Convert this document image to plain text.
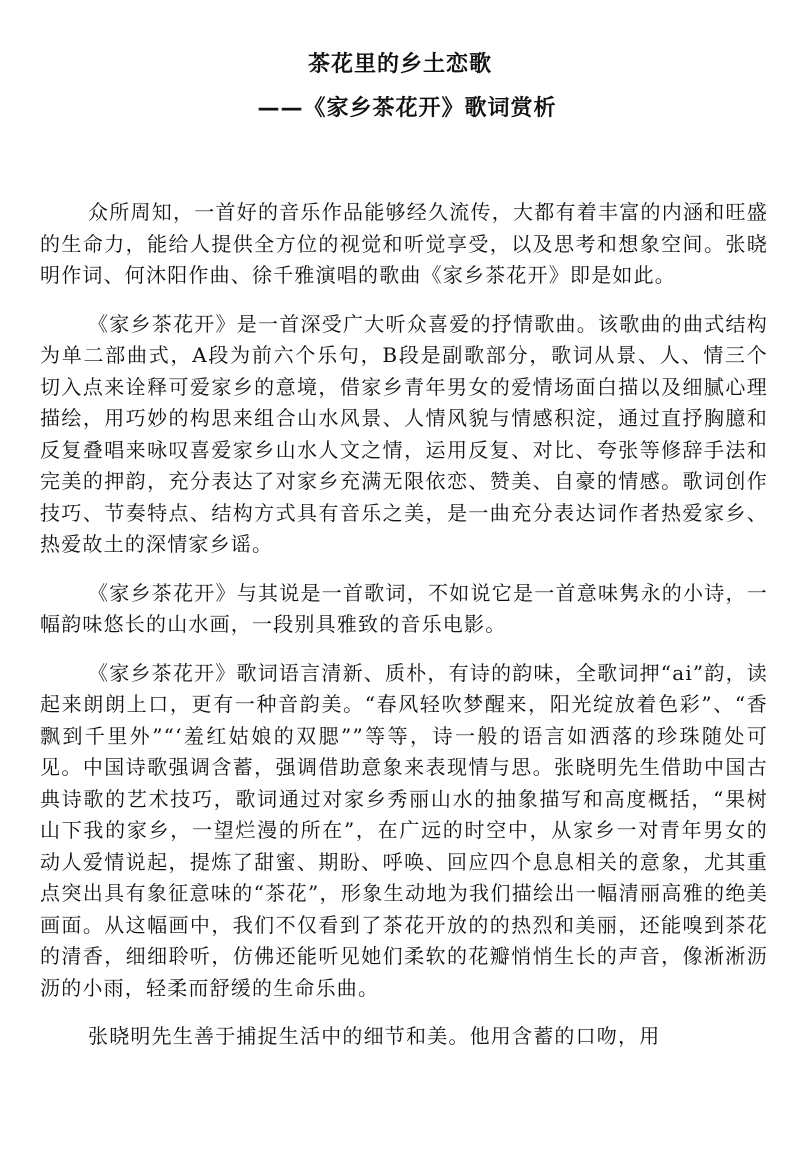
茶花里的乡土恋歌
——《家乡茶花开》歌词赏析

众所周知，一首好的音乐作品能够经久流传，大都有着丰富的内涵和旺盛的生命力，能给人提供全方位的视觉和听觉享受，以及思考和想象空间。张晓明作词、何沐阳作曲、徐千雅演唱的歌曲《家乡茶花开》即是如此。

《家乡茶花开》是一首深受广大听众喜爱的抒情歌曲。该歌曲的曲式结构为单二部曲式，A段为前六个乐句，B段是副歌部分，歌词从景、人、情三个切入点来诠释可爱家乡的意境，借家乡青年男女的爱情场面白描以及细腻心理描绘，用巧妙的构思来组合山水风景、人情风貌与情感积淀，通过直抒胸臆和反复叠唱来咏叹喜爱家乡山水人文之情，运用反复、对比、夸张等修辞手法和完美的押韵，充分表达了对家乡充满无限依恋、赞美、自豪的情感。歌词创作技巧、节奏特点、结构方式具有音乐之美，是一曲充分表达词作者热爱家乡、热爱故土的深情家乡谣。

《家乡茶花开》与其说是一首歌词，不如说它是一首意味隽永的小诗，一幅韵味悠长的山水画，一段别具雅致的音乐电影。

《家乡茶花开》歌词语言清新、质朴，有诗的韵味，全歌词押“ai”韵，读起来朗朗上口，更有一种音韵美。“春风轻吹梦醒来，阳光绽放着色彩”、“香飘到千里外”“‘羞红姑娘的双腮””等等，诗一般的语言如洒落的珍珠随处可见。中国诗歌强调含蓄，强调借助意象来表现情与思。张晓明先生借助中国古典诗歌的艺术技巧，歌词通过对家乡秀丽山水的抽象描写和高度概括，“果树山下我的家乡，一望烂漫的所在”，在广远的时空中，从家乡一对青年男女的动人爱情说起，提炼了甜蜜、期盼、呼唤、回应四个息息相关的意象，尤其重点突出具有象征意味的“茶花”，形象生动地为我们描绘出一幅清丽高雅的绝美画面。从这幅画中，我们不仅看到了茶花开放的的热烈和美丽，还能嗅到茶花的清香，细细聆听，仿佛还能听见她们柔软的花瓣悄悄生长的声音，像淅淅沥沥的小雨，轻柔而舒缓的生命乐曲。

张晓明先生善于捕捉生活中的细节和美。他用含蓄的口吻，用
